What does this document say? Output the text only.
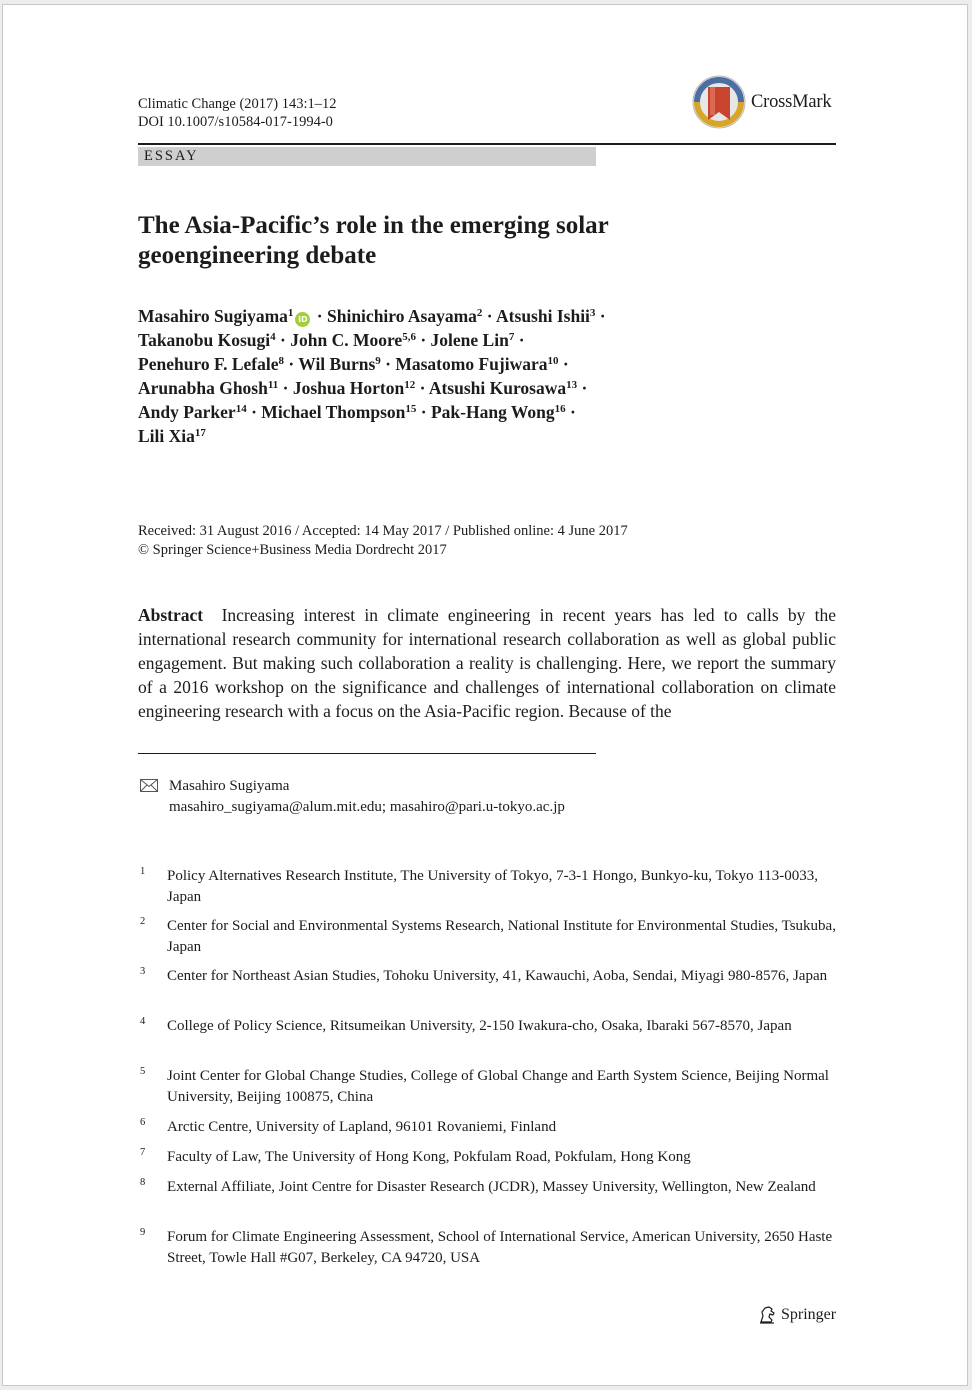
Climatic Change (2017) 143:1–12
DOI 10.1007/s10584-017-1994-0
CrossMark
ESSAY
The Asia-Pacific’s role in the emerging solar
geoengineering debate
Masahiro Sugiyama$^1$iD · Shinichiro Asayama$^2$ · Atsushi Ishii$^3$ ·
Takanobu Kosugi$^4$ · John C. Moore$^{5,6}$ · Jolene Lin$^7$ ·
Penehuro F. Lefale$^8$ · Wil Burns$^9$ · Masatomo Fujiwara$^{10}$ ·
Arunabha Ghosh$^{11}$ · Joshua Horton$^{12}$ · Atsushi Kurosawa$^{13}$ ·
Andy Parker$^{14}$ · Michael Thompson$^{15}$ · Pak-Hang Wong$^{16}$ ·
Lili Xia$^{17}$
Received: 31 August 2016 / Accepted: 14 May 2017 / Published online: 4 June 2017
© Springer Science+Business Media Dordrecht 2017

Abstract Increasing interest in climate engineering in recent years has led to calls by the international research community for international research collaboration as well as global public engagement. But making such collaboration a reality is challenging. Here, we report the summary of a 2016 workshop on the significance and challenges of international collaboration on climate engineering research with a focus on the Asia-Pacific region. Because of the

Masahiro Sugiyama
masahiro_sugiyama@alum.mit.edu; masahiro@pari.u-tokyo.ac.jp
1 Policy Alternatives Research Institute, The University of Tokyo, 7-3-1 Hongo, Bunkyo-ku, Tokyo 113-0033, Japan
2 Center for Social and Environmental Systems Research, National Institute for Environmental Studies, Tsukuba, Japan
3 Center for Northeast Asian Studies, Tohoku University, 41, Kawauchi, Aoba, Sendai, Miyagi 980-8576, Japan
4 College of Policy Science, Ritsumeikan University, 2-150 Iwakura-cho, Osaka, Ibaraki 567-8570, Japan
5 Joint Center for Global Change Studies, College of Global Change and Earth System Science, Beijing Normal University, Beijing 100875, China
6 Arctic Centre, University of Lapland, 96101 Rovaniemi, Finland
7 Faculty of Law, The University of Hong Kong, Pokfulam Road, Pokfulam, Hong Kong
8 External Affiliate, Joint Centre for Disaster Research (JCDR), Massey University, Wellington, New Zealand
9 Forum for Climate Engineering Assessment, School of International Service, American University, 2650 Haste Street, Towle Hall #G07, Berkeley, CA 94720, USA
Springer
